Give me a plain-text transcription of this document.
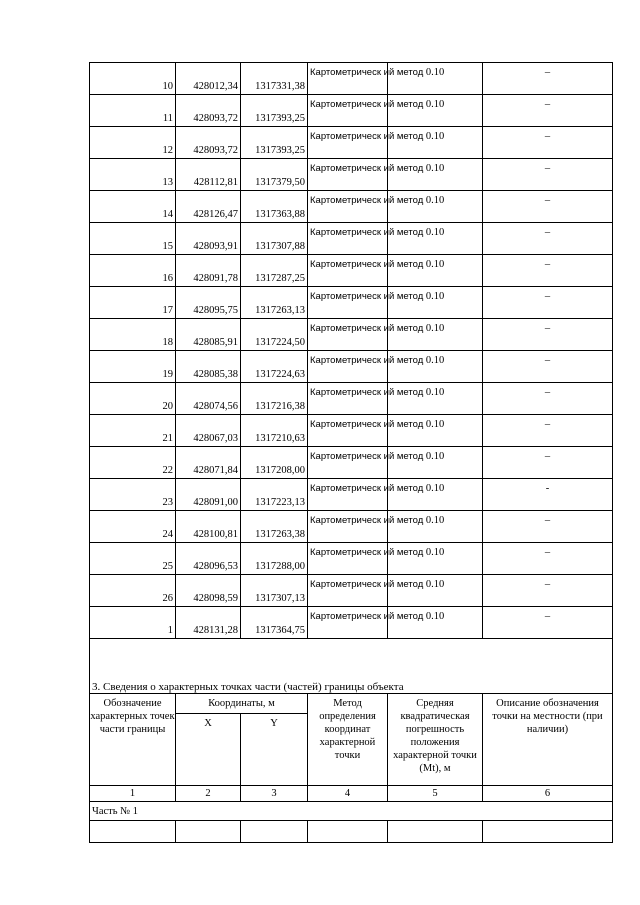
10	428012,34	1317331,38	Картометрическ ий метод	0.10	–

11	428093,72	1317393,25	Картометрическ ий метод	0.10	–

12	428093,72	1317393,25	Картометрическ ий метод	0.10	–

13	428112,81	1317379,50	Картометрическ ий метод	0.10	–

14	428126,47	1317363,88	Картометрическ ий метод	0.10	–

15	428093,91	1317307,88	Картометрическ ий метод	0.10	–

16	428091,78	1317287,25	Картометрическ ий метод	0.10	–

17	428095,75	1317263,13	Картометрическ ий метод	0.10	–

18	428085,91	1317224,50	Картометрическ ий метод	0.10	–

19	428085,38	1317224,63	Картометрическ ий метод	0.10	–

20	428074,56	1317216,38	Картометрическ ий метод	0.10	–

21	428067,03	1317210,63	Картометрическ ий метод	0.10	–

22	428071,84	1317208,00	Картометрическ ий метод	0.10	–

23	428091,00	1317223,13	Картометрическ ий метод	0.10	-

24	428100,81	1317263,38	Картометрическ ий метод	0.10	–

25	428096,53	1317288,00	Картометрическ ий метод	0.10	–

26	428098,59	1317307,13	Картометрическ ий метод	0.10	–

1	428131,28	1317364,75	Картометрическ ий метод	0.10	–

3. Сведения о характерных точках части (частей) границы объекта					
Обозначение характерных точек части границы	Координаты, м		Метод определения координат характерной точки	Средняя квадратическая погрешность положения характерной точки (Mt), м	Описание обозначения точки на местности (при наличии)
	X	Y			
1	2	3	4	5	6
Часть № 1					
